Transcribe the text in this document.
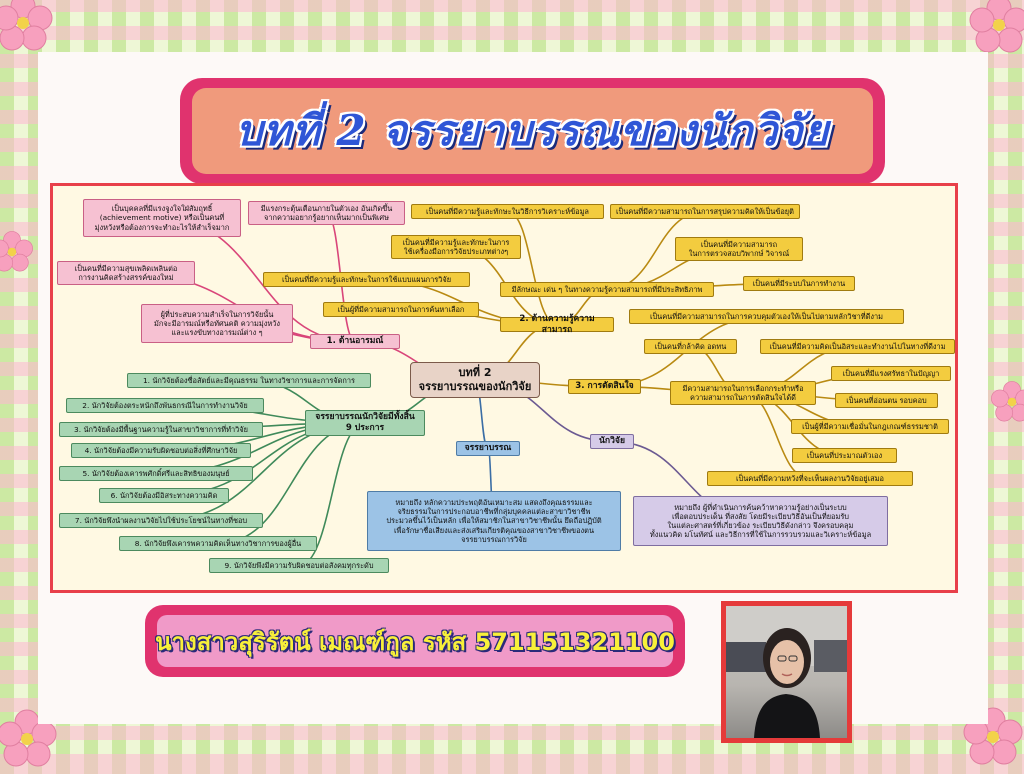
บทที่ 2 จรรยาบรรณของนักวิจัย
บทที่ 2
จรรยาบรรณของนักวิจัย
1. ด้านอารมณ์
2. ด้านความรู้ความสามารถ
3. การตัดสินใจ
จรรยาบรรณนักวิจัยมีทั้งสิ้น
9 ประการ
จรรยาบรรณ
นักวิจัย
เป็นบุคคลที่มีแรงจูงใจใฝ่สัมฤทธิ์
(achievement motive) หรือเป็นคนที่
มุ่งหวังหรือต้องการจะทำอะไรให้สำเร็จมาก
มีแรงกระตุ้นเตือนภายในตัวเอง อันเกิดขึ้น
จากความอยากรู้อยากเห็นมากเป็นพิเศษ
เป็นคนที่มีความสุขเพลิดเพลินต่อ
การงานคิดสร้างสรรค์ของใหม่
ผู้ที่ประสบความสำเร็จในการวิจัยนั้น
มักจะมีอารมณ์หรือทัศนคติ ความมุ่งหวัง
และแรงขับทางอารมณ์ต่าง ๆ
เป็นคนที่มีความรู้และทักษะในวิธีการวิเคราะห์ข้อมูล
เป็นคนที่มีความรู้และทักษะในการ
ใช้เครื่องมือการวิจัยประเภทต่างๆ
เป็นคนที่มีความรู้และทักษะในการใช้แบบแผนการวิจัย
เป็นผู้ที่มีความสามารถในการค้นหาเลือก
มีลักษณะ เด่น ๆ ในทางความรู้ความสามารถที่มีประสิทธิภาพ
เป็นคนที่มีความสามารถในการสรุปความคิดให้เป็นข้อยุติ
เป็นคนที่มีความสามารถ
ในการตรวจสอบวิพากษ์ วิจารณ์
เป็นคนที่มีระบบในการทำงาน
เป็นคนที่มีความสามารถในการควบคุมตัวเองให้เป็นไปตามหลักวิชาที่ดีงาม
เป็นคนที่กล้าคิด อดทน	เป็นคนที่มีความคิดเป็นอิสระและทำงานไปในทางที่ดีงาม
มีความสามารถในการเลือกกระทำหรือ
ความสามารถในการตัดสินใจได้ดี
เป็นคนที่มีแรงศรัทธาในปัญญา
เป็นคนที่อ่อนตน รอบคอบ
เป็นผู้ที่มีความเชื่อมั่นในกฎเกณฑ์ธรรมชาติ
เป็นคนที่ประมาณตัวเอง
เป็นคนที่มีความหวังที่จะเห็นผลงานวิจัยอยู่เสมอ
1. นักวิจัยต้องซื่อสัตย์และมีคุณธรรม ในทางวิชาการและการจัดการ
2. นักวิจัยต้องตระหนักถึงพันธกรณีในการทำงานวิจัย
3. นักวิจัยต้องมีพื้นฐานความรู้ในสาขาวิชาการที่ทำวิจัย
4. นักวิจัยต้องมีความรับผิดชอบต่อสิ่งที่ศึกษาวิจัย
5. นักวิจัยต้องเคารพศักดิ์ศรีและสิทธิของมนุษย์
6. นักวิจัยต้องมีอิสระทางความคิด
7. นักวิจัยพึงนำผลงานวิจัยไปใช้ประโยชน์ในทางที่ชอบ
8. นักวิจัยพึงเคารพความคิดเห็นทางวิชาการของผู้อื่น
9. นักวิจัยพึงมีความรับผิดชอบต่อสังคมทุกระดับ
หมายถึง หลักความประพฤติอันเหมาะสม แสดงถึงคุณธรรมและ
จริยธรรมในการประกอบอาชีพที่กลุ่มบุคคลแต่ละสาขาวิชาชีพ
ประมวลขึ้นไว้เป็นหลัก เพื่อให้สมาชิกในสาขาวิชาชีพนั้น ยึดถือปฏิบัติ
เพื่อรักษาชื่อเสียงและส่งเสริมเกียรติคุณของสาขาวิชาชีพของตน
จรรยาบรรณการวิจัย
หมายถึง ผู้ที่ดำเนินการค้นคว้าหาความรู้อย่างเป็นระบบ
เพื่อตอบประเด็น ที่สงสัย โดยมีระเบียบวิธีอันเป็นที่ยอมรับ
ในแต่ละศาสตร์ที่เกี่ยวข้อง ระเบียบวิธีดังกล่าว จึงครอบคลุม
ทั้งแนวคิด มโนทัศน์ และวิธีการที่ใช้ในการรวบรวมและวิเคราะห์ข้อมูล
นางสาวสุริรัตน์ เมณฑ์กูล รหัส 571151321100
